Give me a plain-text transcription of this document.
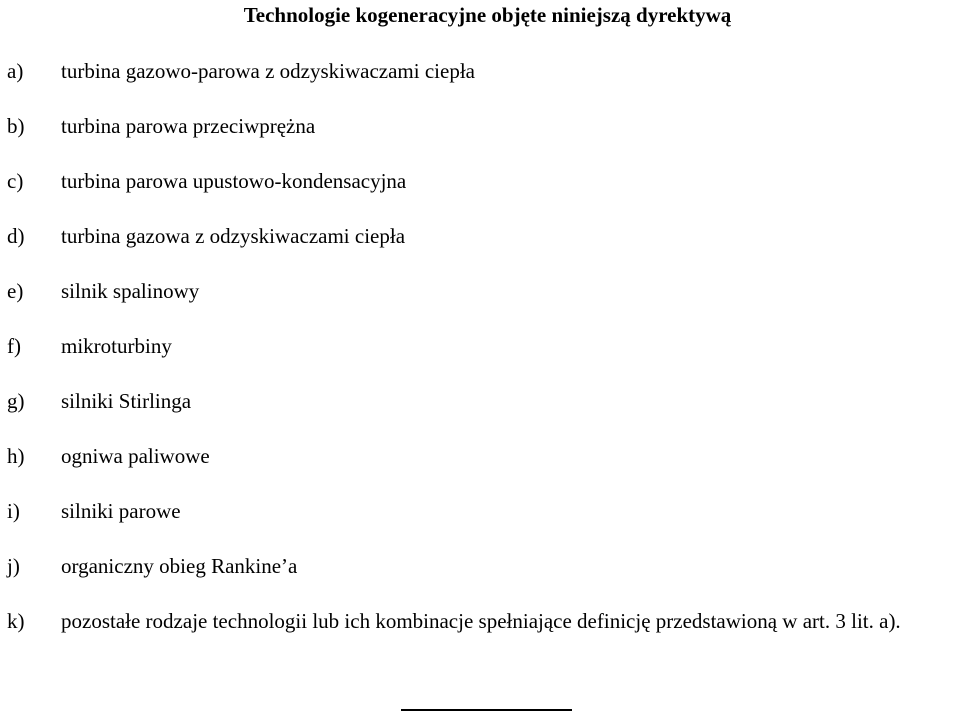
Technologie kogeneracyjne objęte niniejszą dyrektywą
a) turbina gazowo-parowa z odzyskiwaczami ciepła
b) turbina parowa przeciwprężna
c) turbina parowa upustowo-kondensacyjna
d) turbina gazowa z odzyskiwaczami ciepła
e) silnik spalinowy
f) mikroturbiny
g) silniki Stirlinga
h) ogniwa paliwowe
i) silniki parowe
j) organiczny obieg Rankine’a
k) pozostałe rodzaje technologii lub ich kombinacje spełniające definicję przedstawioną w art. 3 lit. a).
